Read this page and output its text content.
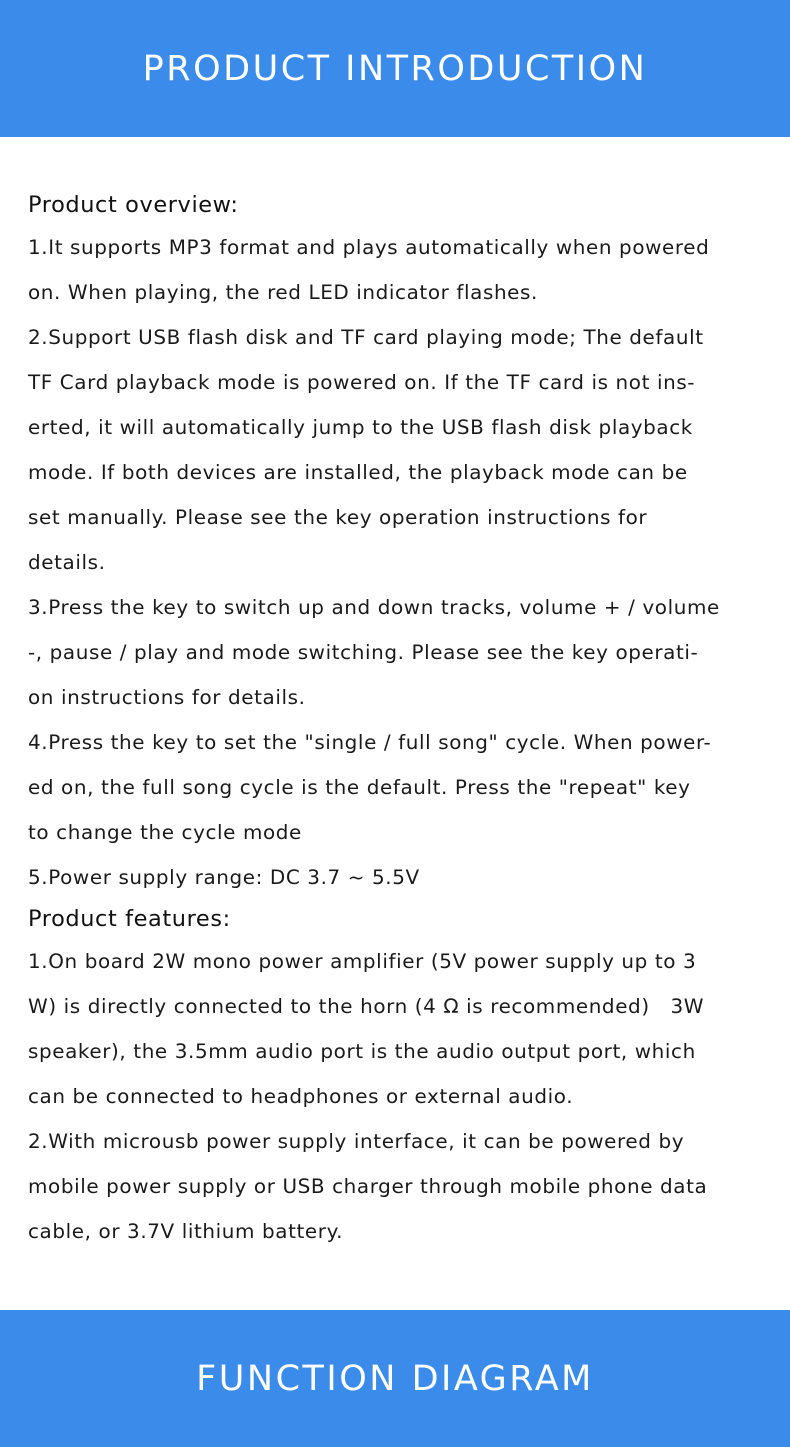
PRODUCT INTRODUCTION
Product overview:
1.It supports MP3 format and plays automatically when powered
on. When playing, the red LED indicator flashes.
2.Support USB flash disk and TF card playing mode; The default
TF Card playback mode is powered on. If the TF card is not ins-
erted, it will automatically jump to the USB flash disk playback
mode. If both devices are installed, the playback mode can be
set manually. Please see the key operation instructions for
details.
3.Press the key to switch up and down tracks, volume + / volume
-, pause / play and mode switching. Please see the key operati-
on instructions for details.
4.Press the key to set the "single / full song" cycle. When power-
ed on, the full song cycle is the default. Press the "repeat" key
to change the cycle mode
5.Power supply range: DC 3.7 ~ 5.5V
Product features:
1.On board 2W mono power amplifier (5V power supply up to 3
W) is directly connected to the horn (4 Ω is recommended)   3W
speaker), the 3.5mm audio port is the audio output port, which
can be connected to headphones or external audio.
2.With microusb power supply interface, it can be powered by
mobile power supply or USB charger through mobile phone data
cable, or 3.7V lithium battery.
FUNCTION DIAGRAM
